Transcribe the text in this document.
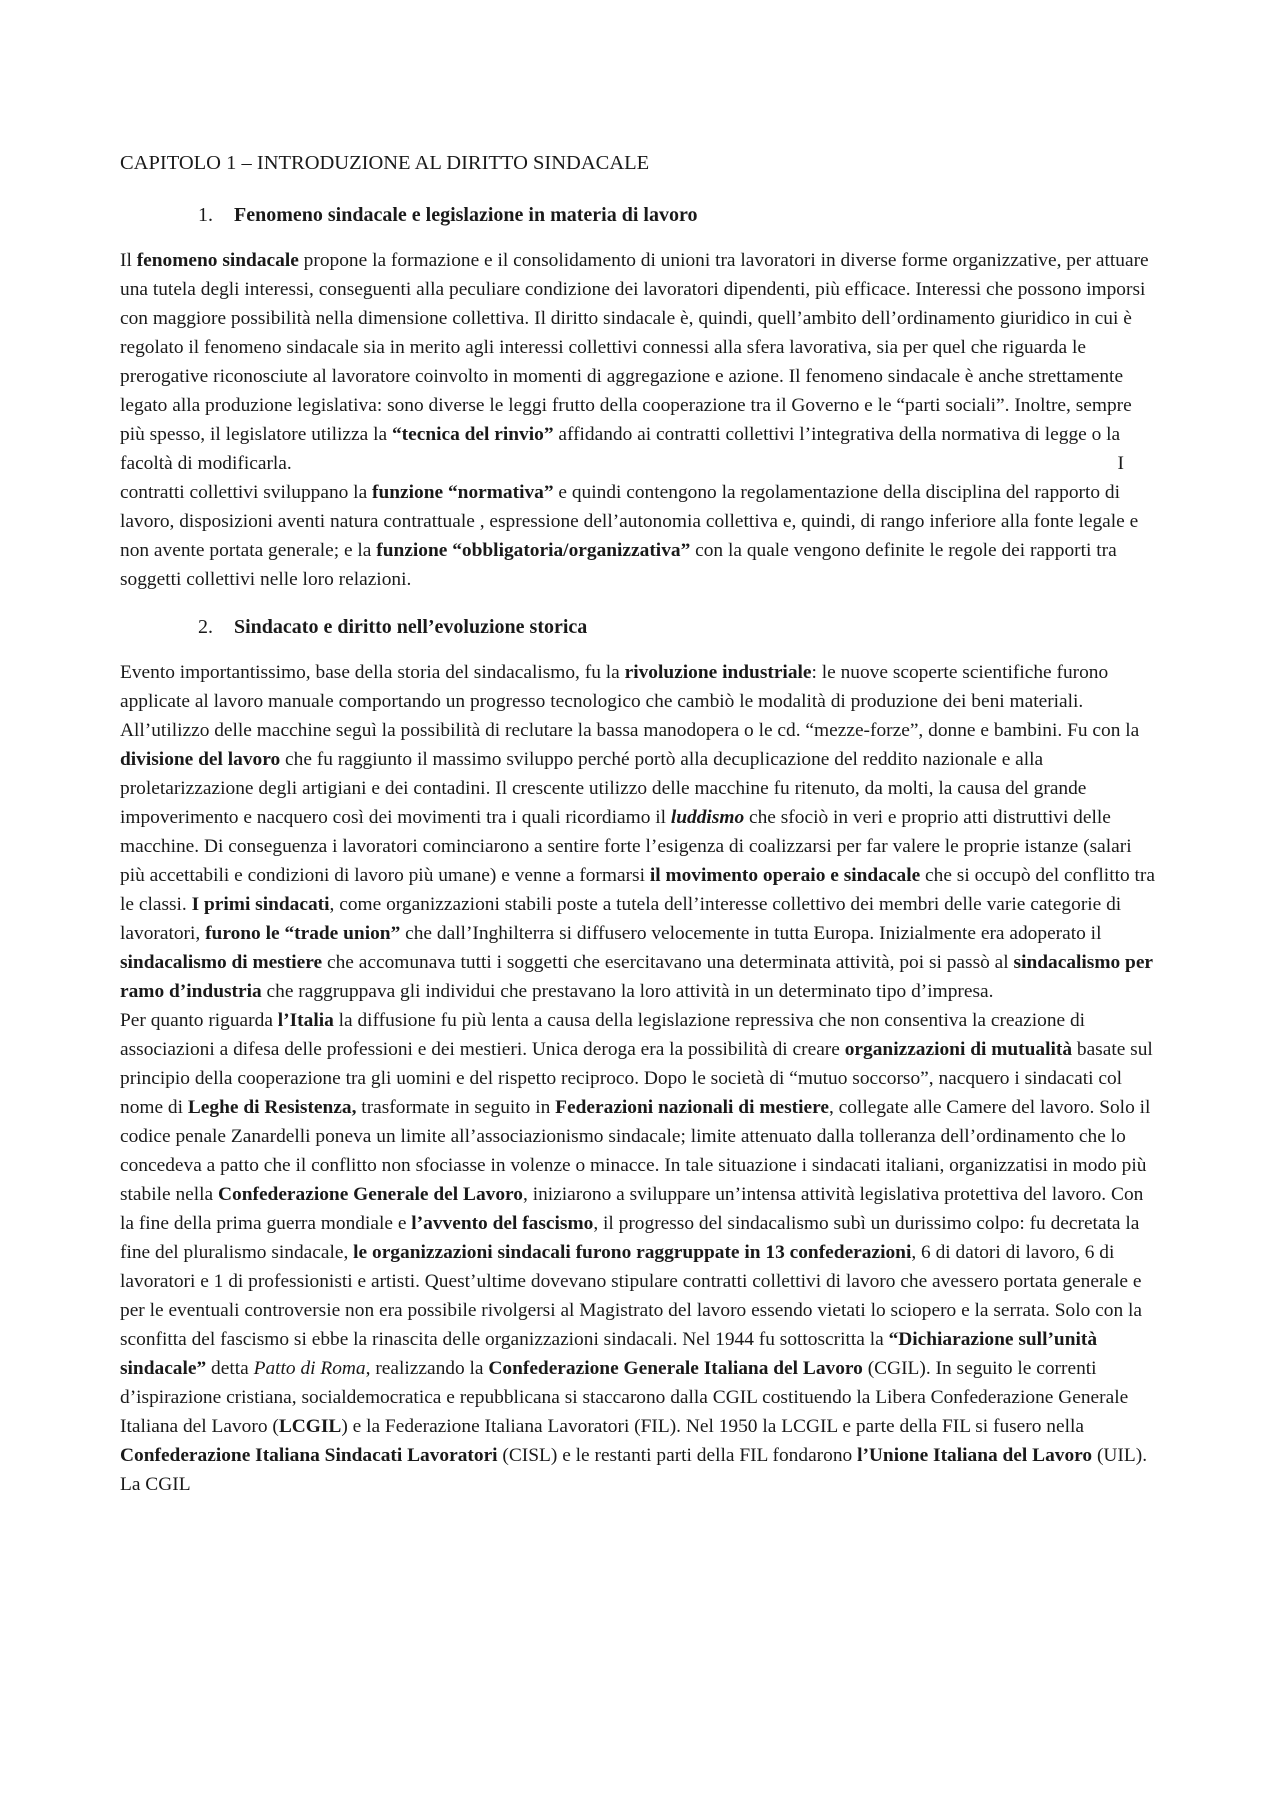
CAPITOLO 1 – INTRODUZIONE AL DIRITTO SINDACALE
1. Fenomeno sindacale e legislazione in materia di lavoro

Il fenomeno sindacale propone la formazione e il consolidamento di unioni tra lavoratori in diverse forme organizzative, per attuare una tutela degli interessi, conseguenti alla peculiare condizione dei lavoratori dipendenti, più efficace. Interessi che possono imporsi con maggiore possibilità nella dimensione collettiva. Il diritto sindacale è, quindi, quell’ambito dell’ordinamento giuridico in cui è regolato il fenomeno sindacale sia in merito agli interessi collettivi connessi alla sfera lavorativa, sia per quel che riguarda le prerogative riconosciute al lavoratore coinvolto in momenti di aggregazione e azione. Il fenomeno sindacale è anche strettamente legato alla produzione legislativa: sono diverse le leggi frutto della cooperazione tra il Governo e le “parti sociali”. Inoltre, sempre più spesso, il legislatore utilizza la “tecnica del rinvio” affidando ai contratti collettivi l’integrativa della normativa di legge o la facoltà di modificarla.	I

contratti collettivi sviluppano la funzione “normativa” e quindi contengono la regolamentazione della disciplina del rapporto di lavoro, disposizioni aventi natura contrattuale , espressione dell’autonomia collettiva e, quindi, di rango inferiore alla fonte legale e non avente portata generale; e la funzione “obbligatoria/organizzativa” con la quale vengono definite le regole dei rapporti tra soggetti collettivi nelle loro relazioni.

2. Sindacato e diritto nell’evoluzione storica

Evento importantissimo, base della storia del sindacalismo, fu la rivoluzione industriale: le nuove scoperte scientifiche furono applicate al lavoro manuale comportando un progresso tecnologico che cambiò le modalità di produzione dei beni materiali. All’utilizzo delle macchine seguì la possibilità di reclutare la bassa manodopera o le cd. “mezze-forze”, donne e bambini. Fu con la divisione del lavoro che fu raggiunto il massimo sviluppo perché portò alla decuplicazione del reddito nazionale e alla proletarizzazione degli artigiani e dei contadini. Il crescente utilizzo delle macchine fu ritenuto, da molti, la causa del grande impoverimento e nacquero così dei movimenti tra i quali ricordiamo il luddismo che sfociò in veri e proprio atti distruttivi delle macchine. Di conseguenza i lavoratori cominciarono a sentire forte l’esigenza di coalizzarsi per far valere le proprie istanze (salari più accettabili e condizioni di lavoro più umane) e venne a formarsi il movimento operaio e sindacale che si occupò del conflitto tra le classi. I primi sindacati, come organizzazioni stabili poste a tutela dell’interesse collettivo dei membri delle varie categorie di lavoratori, furono le “trade union” che dall’Inghilterra si diffusero velocemente in tutta Europa. Inizialmente era adoperato il sindacalismo di mestiere che accomunava tutti i soggetti che esercitavano una determinata attività, poi si passò al sindacalismo per ramo d’industria che raggruppava gli individui che prestavano la loro attività in un determinato tipo d’impresa.

Per quanto riguarda l’Italia la diffusione fu più lenta a causa della legislazione repressiva che non consentiva la creazione di associazioni a difesa delle professioni e dei mestieri. Unica deroga era la possibilità di creare organizzazioni di mutualità basate sul principio della cooperazione tra gli uomini e del rispetto reciproco. Dopo le società di “mutuo soccorso”, nacquero i sindacati col nome di Leghe di Resistenza, trasformate in seguito in Federazioni nazionali di mestiere, collegate alle Camere del lavoro. Solo il codice penale Zanardelli poneva un limite all’associazionismo sindacale; limite attenuato dalla tolleranza dell’ordinamento che lo concedeva a patto che il conflitto non sfociasse in volenze o minacce. In tale situazione i sindacati italiani, organizzatisi in modo più stabile nella Confederazione Generale del Lavoro, iniziarono a sviluppare un’intensa attività legislativa protettiva del lavoro. Con la fine della prima guerra mondiale e l’avvento del fascismo, il progresso del sindacalismo subì un durissimo colpo: fu decretata la fine del pluralismo sindacale, le organizzazioni sindacali furono raggruppate in 13 confederazioni, 6 di datori di lavoro, 6 di lavoratori e 1 di professionisti e artisti. Quest’ultime dovevano stipulare contratti collettivi di lavoro che avessero portata generale e per le eventuali controversie non era possibile rivolgersi al Magistrato del lavoro essendo vietati lo sciopero e la serrata. Solo con la sconfitta del fascismo si ebbe la rinascita delle organizzazioni sindacali. Nel 1944 fu sottoscritta la “Dichiarazione sull’unità sindacale” detta Patto di Roma, realizzando la Confederazione Generale Italiana del Lavoro (CGIL). In seguito le correnti d’ispirazione cristiana, socialdemocratica e repubblicana si staccarono dalla CGIL costituendo la Libera Confederazione Generale Italiana del Lavoro (LCGIL) e la Federazione Italiana Lavoratori (FIL). Nel 1950 la LCGIL e parte della FIL si fusero nella Confederazione Italiana Sindacati Lavoratori (CISL) e le restanti parti della FIL fondarono l’Unione Italiana del Lavoro (UIL). La CGIL
